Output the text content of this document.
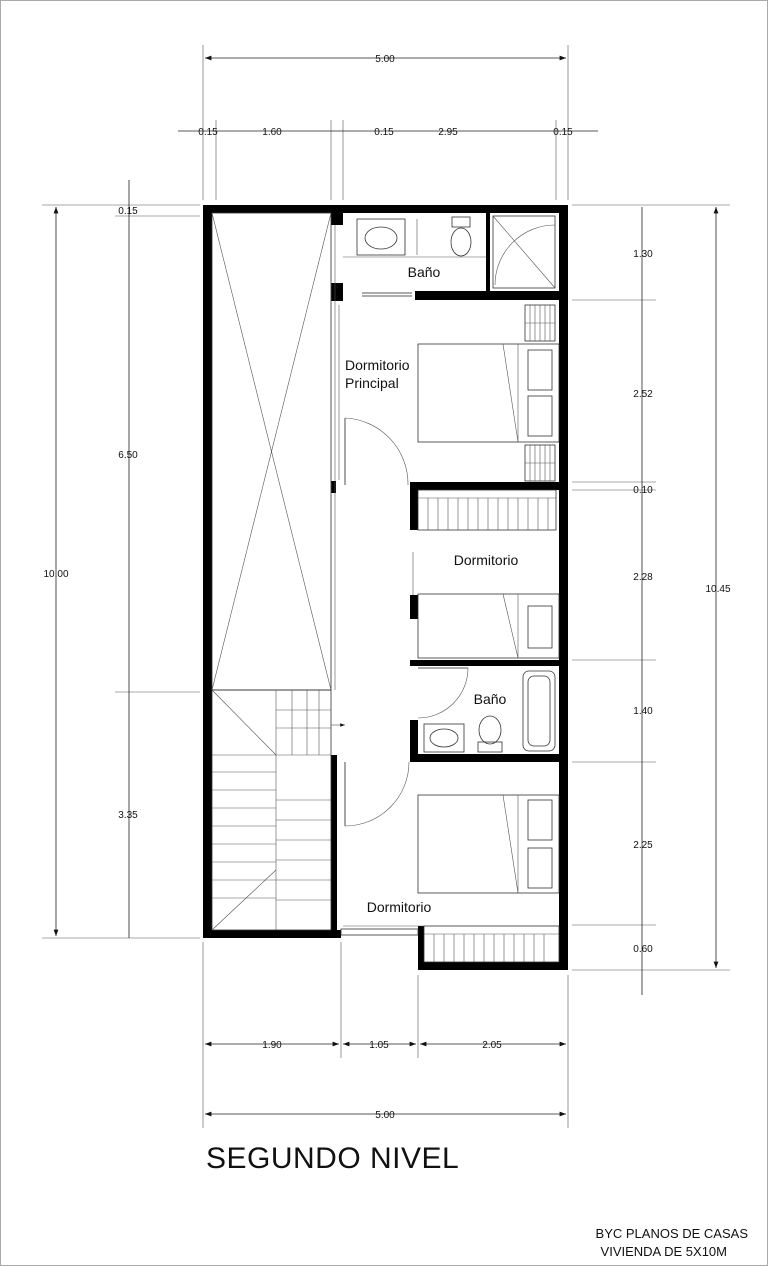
5.00
0.15	1.60	0.15	2.95	0.15
10.00
0.15
6.50
3.35
10.45
1.30
2.52
0.10
2.28
1.40
2.25
0.60
1.90	1.05	2.05
5.00
Baño
Dormitorio
Principal
Dormitorio
Baño
Dormitorio
SEGUNDO NIVEL
BYC PLANOS DE CASAS
VIVIENDA DE 5X10M
